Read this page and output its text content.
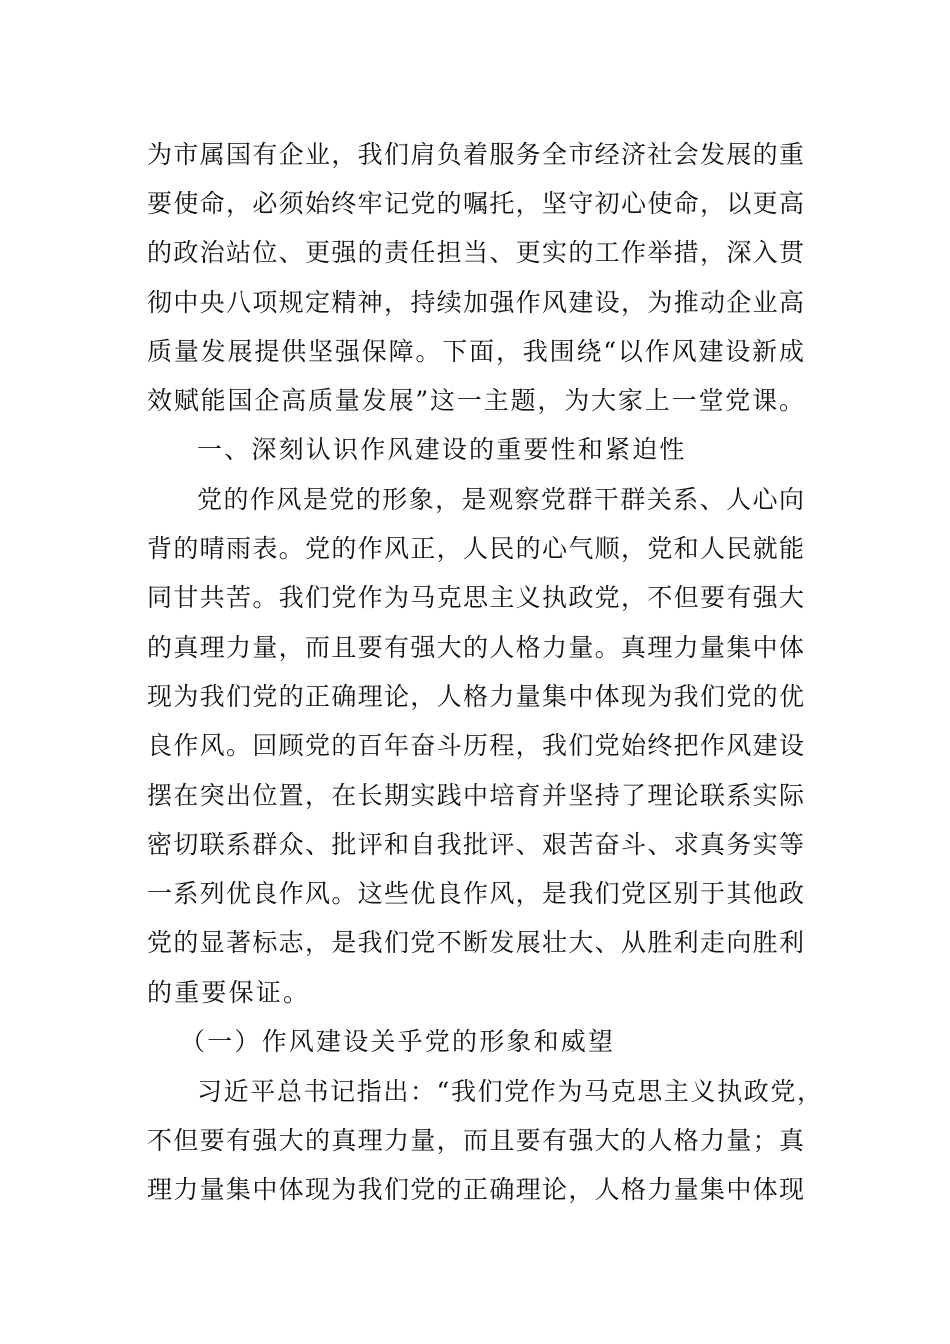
为市属国有企业，我们肩负着服务全市经济社会发展的重
要使命，必须始终牢记党的嘱托，坚守初心使命，以更高
的政治站位、更强的责任担当、更实的工作举措，深入贯
彻中央八项规定精神，持续加强作风建设，为推动企业高
质量发展提供坚强保障。下面，我围绕“以作风建设新成
效赋能国企高质量发展”这一主题，为大家上一堂党课。
一、深刻认识作风建设的重要性和紧迫性
党的作风是党的形象，是观察党群干群关系、人心向
背的晴雨表。党的作风正，人民的心气顺，党和人民就能
同甘共苦。我们党作为马克思主义执政党，不但要有强大
的真理力量，而且要有强大的人格力量。真理力量集中体
现为我们党的正确理论，人格力量集中体现为我们党的优
良作风。回顾党的百年奋斗历程，我们党始终把作风建设
摆在突出位置，在长期实践中培育并坚持了理论联系实际
密切联系群众、批评和自我批评、艰苦奋斗、求真务实等
一系列优良作风。这些优良作风，是我们党区别于其他政
党的显著标志，是我们党不断发展壮大、从胜利走向胜利
的重要保证。
（一）作风建设关乎党的形象和威望
习近平总书记指出：“我们党作为马克思主义执政党，
不但要有强大的真理力量，而且要有强大的人格力量；真
理力量集中体现为我们党的正确理论，人格力量集中体现
